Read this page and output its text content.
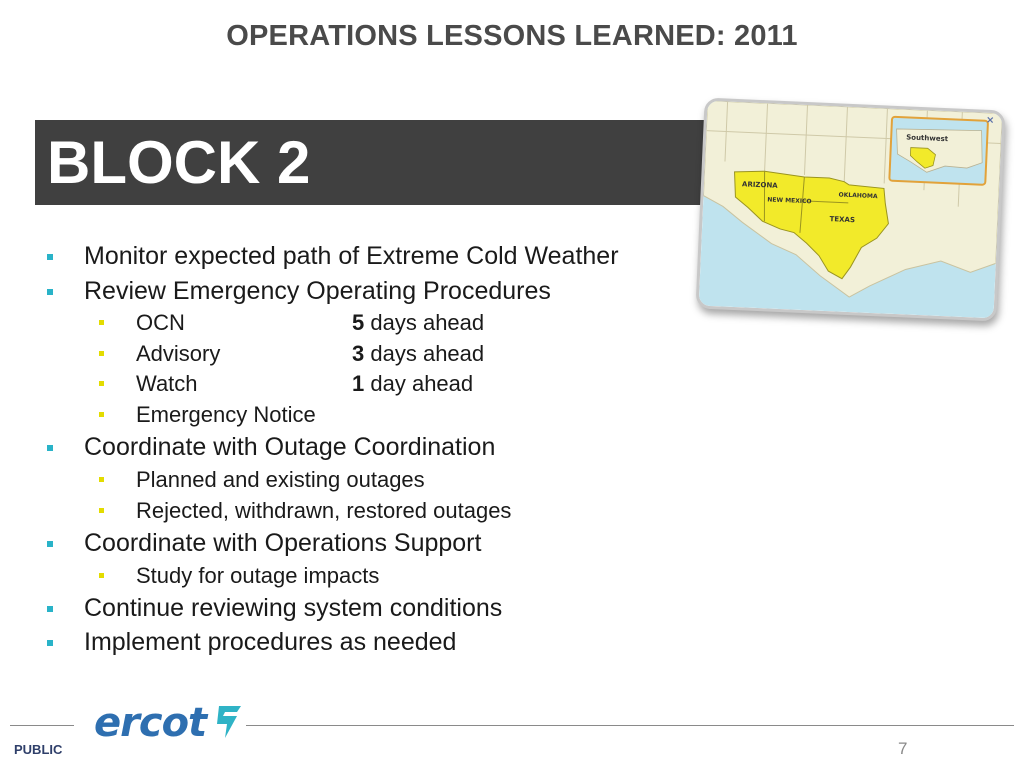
OPERATIONS LESSONS LEARNED: 2011
BLOCK 2	ARIZONA
NEW MEXICO
OKLAHOMA
TEXAS
Southwest
×
Monitor expected path of Extreme Cold Weather
Review Emergency Operating Procedures
OCN	5 days ahead
Advisory	3 days ahead
Watch	1 day ahead
Emergency Notice
Coordinate with Outage Coordination
Planned and existing outages
Rejected, withdrawn, restored outages
Coordinate with Operations Support
Study for outage impacts
Continue reviewing system conditions
Implement procedures as needed
ercot
PUBLIC	7
